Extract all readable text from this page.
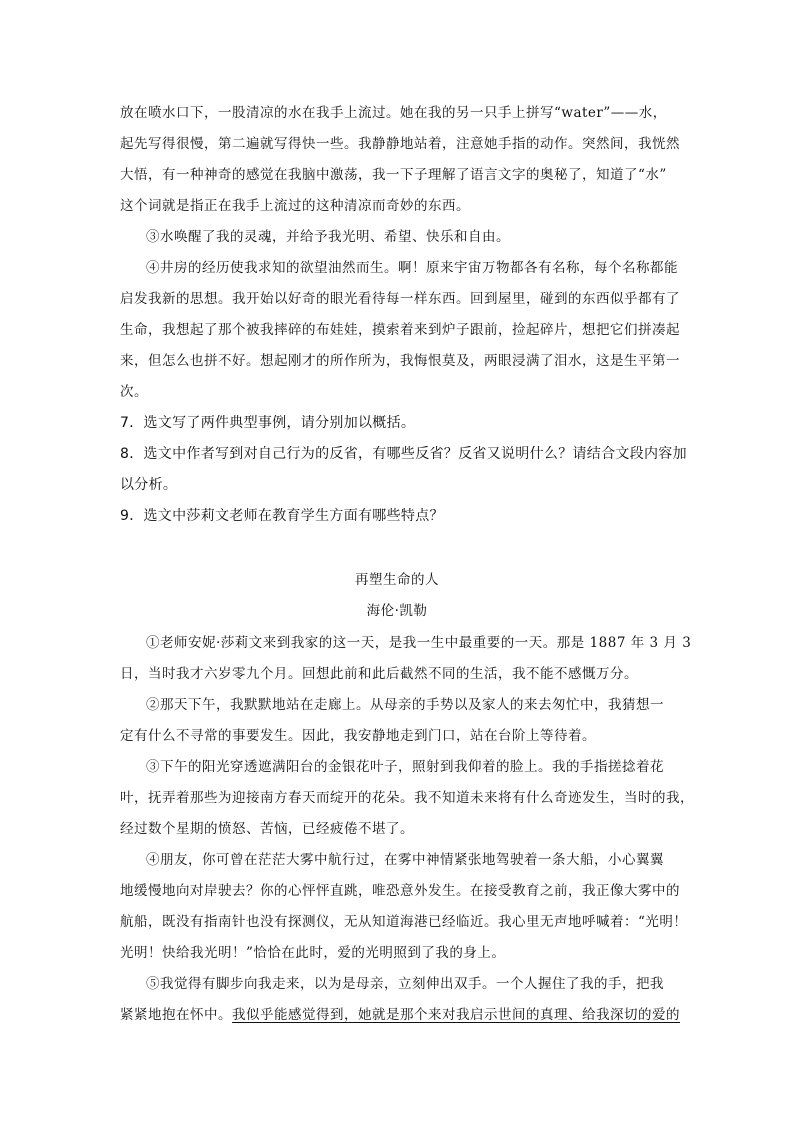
放在喷水口下，一股清凉的水在我手上流过。她在我的另一只手上拼写“water”——水，
起先写得很慢，第二遍就写得快一些。我静静地站着，注意她手指的动作。突然间，我恍然
大悟，有一种神奇的感觉在我脑中激荡，我一下子理解了语言文字的奥秘了，知道了“水”
这个词就是指正在我手上流过的这种清凉而奇妙的东西。
③水唤醒了我的灵魂，并给予我光明、希望、快乐和自由。
④井房的经历使我求知的欲望油然而生。啊！原来宇宙万物都各有名称，每个名称都能
启发我新的思想。我开始以好奇的眼光看待每一样东西。回到屋里，碰到的东西似乎都有了
生命，我想起了那个被我摔碎的布娃娃，摸索着来到炉子跟前，捡起碎片，想把它们拼凑起
来，但怎么也拼不好。想起刚才的所作所为，我悔恨莫及，两眼浸满了泪水，这是生平第一
次。
7．选文写了两件典型事例，请分别加以概括。
8．选文中作者写到对自己行为的反省，有哪些反省？反省又说明什么？请结合文段内容加
以分析。
9．选文中莎莉文老师在教育学生方面有哪些特点？
再塑生命的人
海伦·凯勒
①老师安妮·莎莉文来到我家的这一天，是我一生中最重要的一天。那是 1887 年 3 月 3
日，当时我才六岁零九个月。回想此前和此后截然不同的生活，我不能不感慨万分。
②那天下午，我默默地站在走廊上。从母亲的手势以及家人的来去匆忙中，我猜想一
定有什么不寻常的事要发生。因此，我安静地走到门口，站在台阶上等待着。
③下午的阳光穿透遮满阳台的金银花叶子，照射到我仰着的脸上。我的手指搓捻着花
叶，抚弄着那些为迎接南方春天而绽开的花朵。我不知道未来将有什么奇迹发生，当时的我，
经过数个星期的愤怒、苦恼，已经疲倦不堪了。
④朋友，你可曾在茫茫大雾中航行过，在雾中神情紧张地驾驶着一条大船，小心翼翼
地缓慢地向对岸驶去？你的心怦怦直跳，唯恐意外发生。在接受教育之前，我正像大雾中的
航船，既没有指南针也没有探测仪，无从知道海港已经临近。我心里无声地呼喊着：“光明！
光明！快给我光明！”恰恰在此时，爱的光明照到了我的身上。
⑤我觉得有脚步向我走来，以为是母亲，立刻伸出双手。一个人握住了我的手，把我
紧紧地抱在怀中。我似乎能感觉得到，她就是那个来对我启示世间的真理、给我深切的爱的
